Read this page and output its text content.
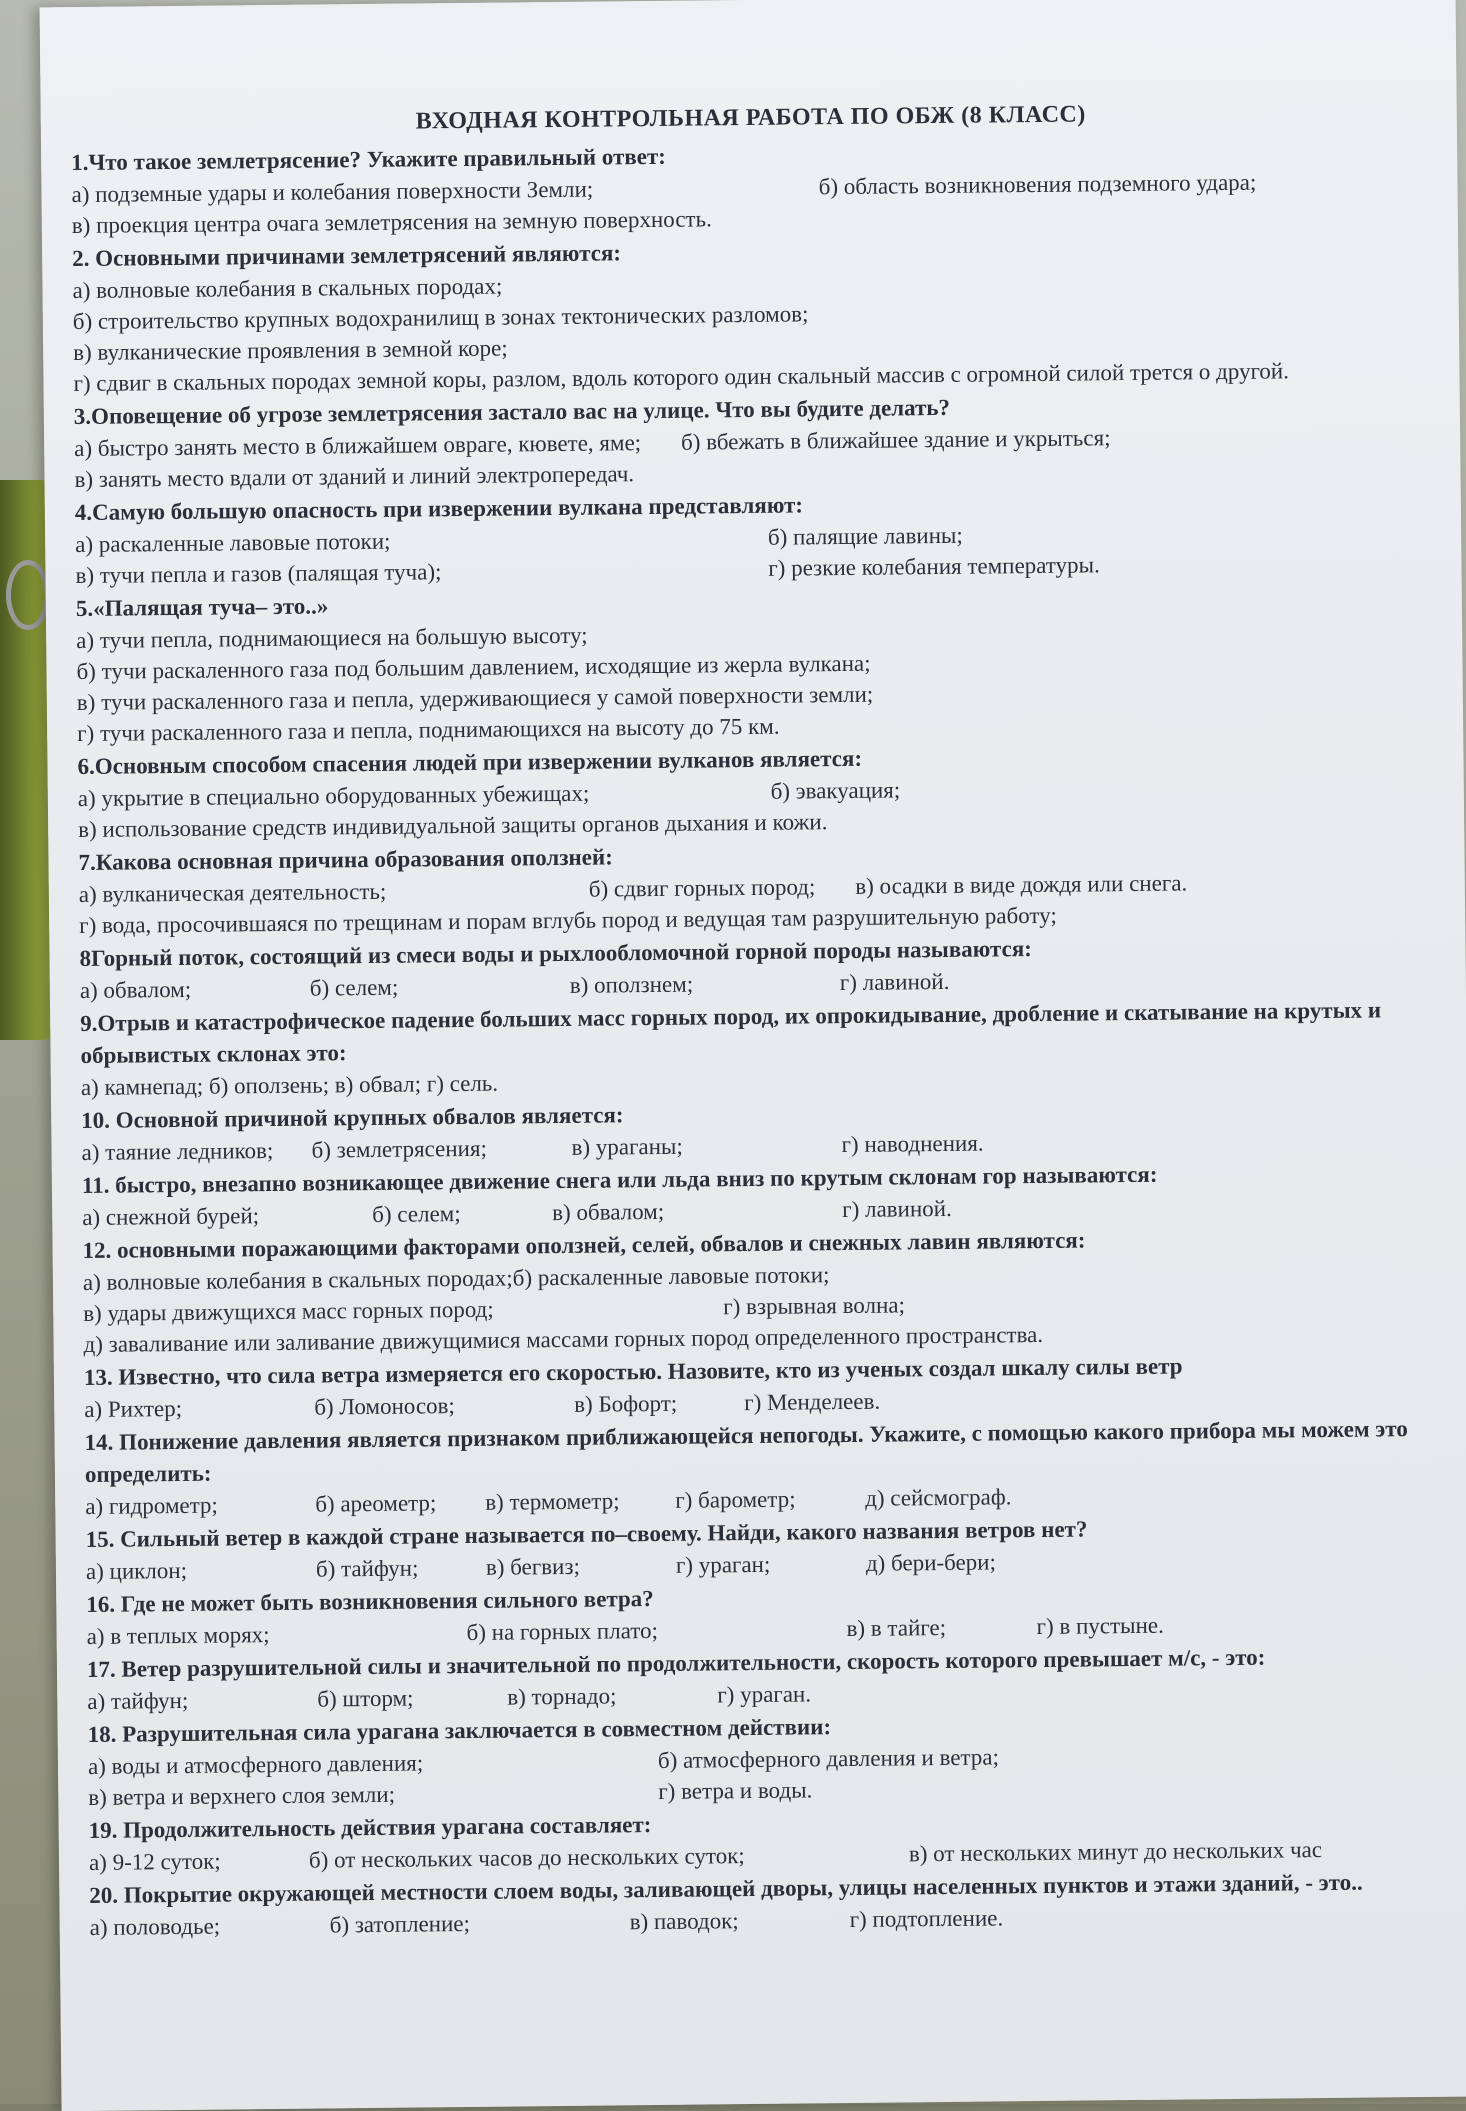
ВХОДНАЯ КОНТРОЛЬНАЯ РАБОТА ПО ОБЖ (8 КЛАСС)
1.Что такое землетрясение? Укажите правильный ответ:
а) подземные удары и колебания поверхности Земли;	б) область возникновения подземного удара;
в) проекция центра очага землетрясения на земную поверхность.
2. Основными причинами землетрясений являются:
а) волновые колебания в скальных породах;
б) строительство крупных водохранилищ в зонах тектонических разломов;
в) вулканические проявления в земной коре;
г) сдвиг в скальных породах земной коры, разлом, вдоль которого один скальный массив с огромной силой трется о другой.
3.Оповещение об угрозе землетрясения застало вас на улице. Что вы будите делать?
а) быстро занять место в ближайшем овраге, кювете, яме;	б) вбежать в ближайшее здание и укрыться;
в) занять место вдали от зданий и линий электропередач.
4.Самую большую опасность при извержении вулкана представляют:
а) раскаленные лавовые потоки;	б) палящие лавины;
в) тучи пепла и газов (палящая туча);	г) резкие колебания температуры.
5.«Палящая туча– это..»
а) тучи пепла, поднимающиеся на большую высоту;
б) тучи раскаленного газа под большим давлением, исходящие из жерла вулкана;
в) тучи раскаленного газа и пепла, удерживающиеся у самой поверхности земли;
г) тучи раскаленного газа и пепла, поднимающихся на высоту до 75 км.
6.Основным способом спасения людей при извержении вулканов является:
а) укрытие в специально оборудованных убежищах;	б) эвакуация;
в) использование средств индивидуальной защиты органов дыхания и кожи.
7.Какова основная причина образования оползней:
а) вулканическая деятельность;	б) сдвиг горных пород;	в) осадки в виде дождя или снега.
г) вода, просочившаяся по трещинам и порам вглубь пород и ведущая там разрушительную работу;
8Горный поток, состоящий из смеси воды и рыхлообломочной горной породы называются:
а) обвалом;	б) селем;	в) оползнем;	г) лавиной.
9.Отрыв и катастрофическое падение больших масс горных пород, их опрокидывание, дробление и скатывание на крутых и обрывистых склонах это:
а) камнепад; б) оползень; в) обвал; г) сель.
10. Основной причиной крупных обвалов является:
а) таяние ледников;	б) землетрясения;	в) ураганы;	г) наводнения.
11. быстро, внезапно возникающее движение снега или льда вниз по крутым склонам гор называются:
а) снежной бурей;	б) селем;	в) обвалом;	г) лавиной.
12. основными поражающими факторами оползней, селей, обвалов и снежных лавин являются:
а) волновые колебания в скальных породах;б) раскаленные лавовые потоки;
в) удары движущихся масс горных пород;	г) взрывная волна;
д) заваливание или заливание движущимися массами горных пород определенного пространства.
13. Известно, что сила ветра измеряется его скоростью. Назовите, кто из ученых создал шкалу силы ветр
а) Рихтер;	б) Ломоносов;	в) Бофорт;	г) Менделеев.
14. Понижение давления является признаком приближающейся непогоды. Укажите, с помощью какого прибора мы можем это определить:
а) гидрометр;	б) ареометр;	в) термометр;	г) барометр;	д) сейсмограф.
15. Сильный ветер в каждой стране называется по–своему. Найди, какого названия ветров нет?
а) циклон;	б) тайфун;	в) бегвиз;	г) ураган;	д) бери-бери;
16. Где не может быть возникновения сильного ветра?
а) в теплых морях;	б) на горных плато;	в) в тайге;	г) в пустыне.
17. Ветер разрушительной силы и значительной по продолжительности, скорость которого превышает м/с, - это:
а) тайфун;	б) шторм;	в) торнадо;	г) ураган.
18. Разрушительная сила урагана заключается в совместном действии:
а) воды и атмосферного давления;	б) атмосферного давления и ветра;
в) ветра и верхнего слоя земли;	г) ветра и воды.
19. Продолжительность действия урагана составляет:
а) 9-12 суток;	б) от нескольких часов до нескольких суток;	в) от нескольких минут до нескольких час
20. Покрытие окружающей местности слоем воды, заливающей дворы, улицы населенных пунктов и этажи зданий, - это..
а) половодье;	б) затопление;	в) паводок;	г) подтопление.
